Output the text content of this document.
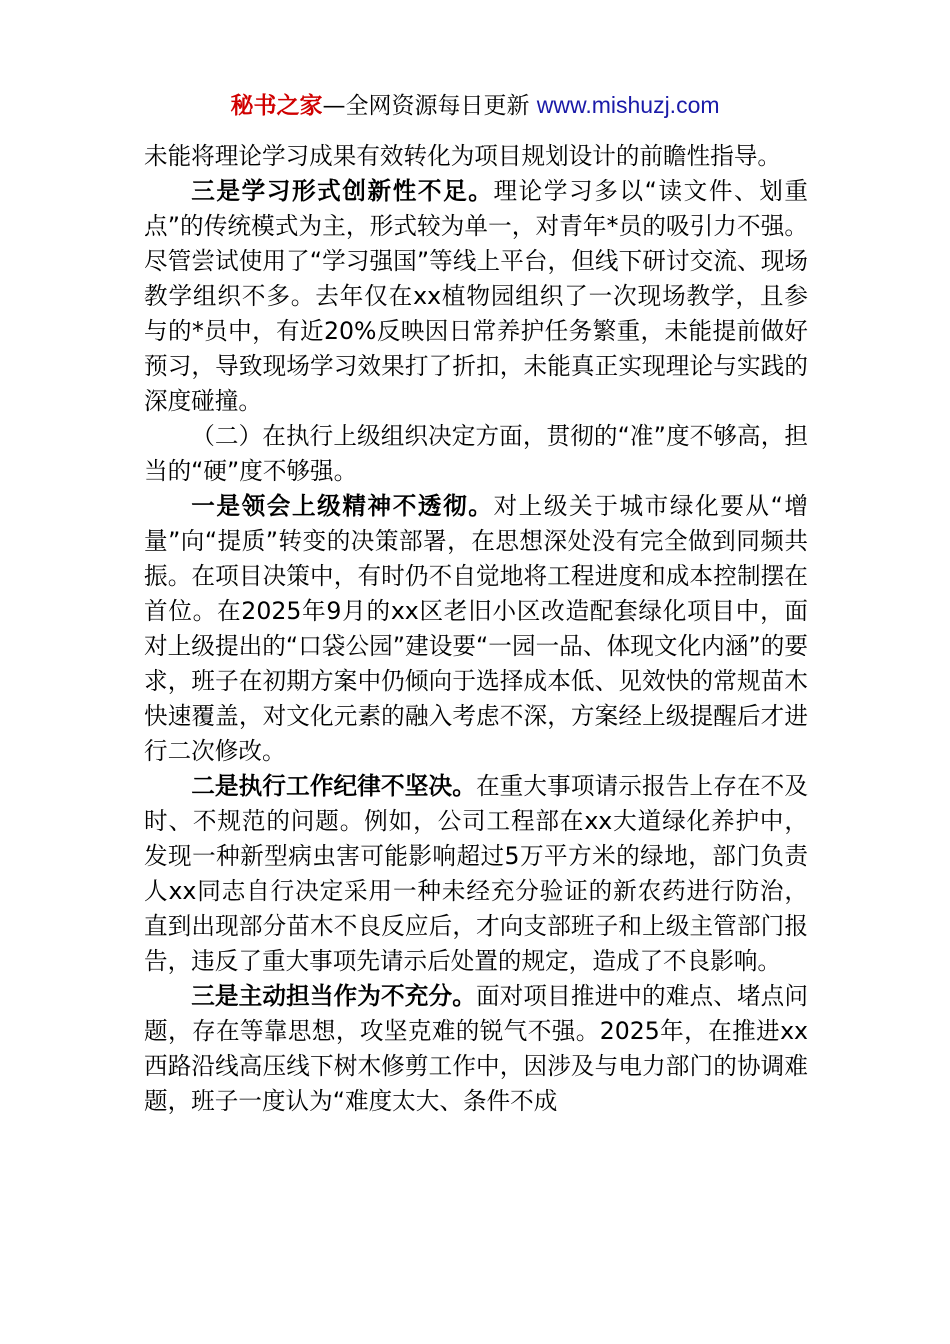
秘书之家—全网资源每日更新 www.mishuzj.com

未能将理论学习成果有效转化为项目规划设计的前瞻性指导。

三是学习形式创新性不足。理论学习多以“读文件、划重点”的传统模式为主，形式较为单一，对青年*员的吸引力不强。尽管尝试使用了“学习强国”等线上平台，但线下研讨交流、现场教学组织不多。去年仅在xx植物园组织了一次现场教学，且参与的*员中，有近20%反映因日常养护任务繁重，未能提前做好预习，导致现场学习效果打了折扣，未能真正实现理论与实践的深度碰撞。

（二）在执行上级组织决定方面，贯彻的“准”度不够高，担当的“硬”度不够强。

一是领会上级精神不透彻。对上级关于城市绿化要从“增量”向“提质”转变的决策部署，在思想深处没有完全做到同频共振。在项目决策中，有时仍不自觉地将工程进度和成本控制摆在首位。在2025年9月的xx区老旧小区改造配套绿化项目中，面对上级提出的“口袋公园”建设要“一园一品、体现文化内涵”的要求，班子在初期方案中仍倾向于选择成本低、见效快的常规苗木快速覆盖，对文化元素的融入考虑不深，方案经上级提醒后才进行二次修改。

二是执行工作纪律不坚决。在重大事项请示报告上存在不及时、不规范的问题。例如，公司工程部在xx大道绿化养护中，发现一种新型病虫害可能影响超过5万平方米的绿地，部门负责人xx同志自行决定采用一种未经充分验证的新农药进行防治，直到出现部分苗木不良反应后，才向支部班子和上级主管部门报告，违反了重大事项先请示后处置的规定，造成了不良影响。

三是主动担当作为不充分。面对项目推进中的难点、堵点问题，存在等靠思想，攻坚克难的锐气不强。2025年，在推进xx西路沿线高压线下树木修剪工作中，因涉及与电力部门的协调难题，班子一度认为“难度太大、条件不成
